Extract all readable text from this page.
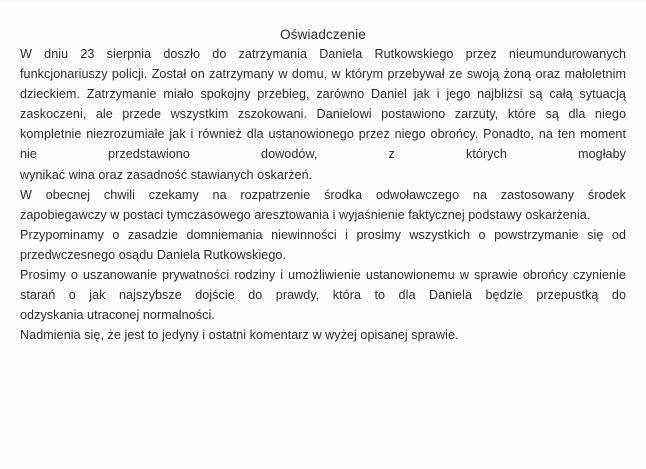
Oświadczenie

W dniu 23 sierpnia doszło do zatrzymania Daniela Rutkowskiego przez nieumundurowanych funkcjonariuszy policji. Został on zatrzymany w domu, w którym przebywał ze swoją żoną oraz małoletnim dzieckiem. Zatrzymanie miało spokojny przebieg, zarówno Daniel jak i jego najbliżsi są całą sytuacją zaskoczeni, ale przede wszystkim zszokowani. Danielowi postawiono zarzuty, które są dla niego kompletnie niezrozumiałe jak i również dla ustanowionego przez niego obrońcy. Ponadto, na ten moment nie przedstawiono dowodów, z których mogłaby

wynikać wina oraz zasadność stawianych oskarżeń.

W obecnej chwili czekamy na rozpatrzenie środka odwoławczego na zastosowany środek

zapobiegawczy w postaci tymczasowego aresztowania i wyjaśnienie faktycznej podstawy oskarżenia.

Przypominamy o zasadzie domniemania niewinności i prosimy wszystkich o powstrzymanie się od

przedwczesnego osądu Daniela Rutkowskiego.

Prosimy o uszanowanie prywatności rodziny i umożliwienie ustanowionemu w sprawie obrońcy czynienie starań o jak najszybsze dojście do prawdy, która to dla Daniela będzie przepustką do

odzyskania utraconej normalności.

Nadmienia się, że jest to jedyny i ostatni komentarz w wyżej opisanej sprawie.
